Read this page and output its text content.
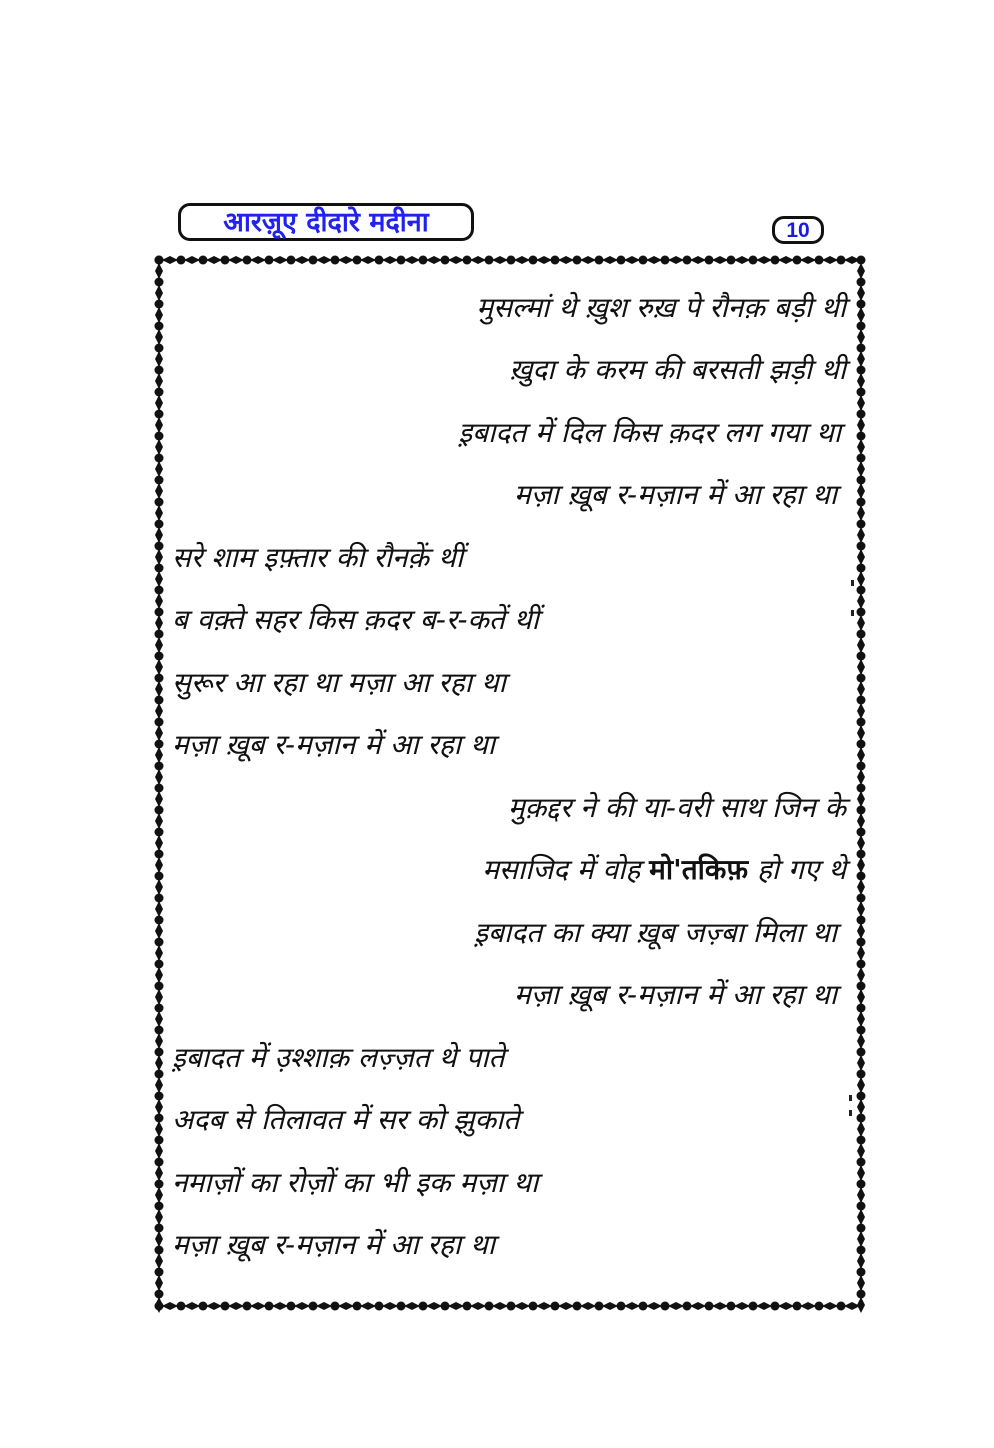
आरज़ूए दीदारे मदीना	10
मुसल्मां थे ख़ुश रुख़ पे रौनक़ बड़ी थी
ख़ुदा के करम की बरसती झड़ी थी
इ़बादत में दिल किस क़दर लग गया था
मज़ा ख़ूब र-मज़ान में आ रहा था
सरे शाम इफ़्तार की रौनक़ें थीं
ब वक़्ते सहर किस क़दर ब-र-कतें थीं
सुरूर आ रहा था मज़ा आ रहा था
मज़ा ख़ूब र-मज़ान में आ रहा था
मुक़द्दर ने की या-वरी साथ जिन के
मसाजिद में वोह मो'तकिफ़ हो गए थे
इ़बादत का क्या ख़ूब जज़्बा मिला था
मज़ा ख़ूब र-मज़ान में आ रहा था
इ़बादत में उ़श्शाक़ लज़्ज़त थे पाते
अदब से तिलावत में सर को झुकाते
नमाज़ों का रोज़ों का भी इक मज़ा था
मज़ा ख़ूब र-मज़ान में आ रहा था
